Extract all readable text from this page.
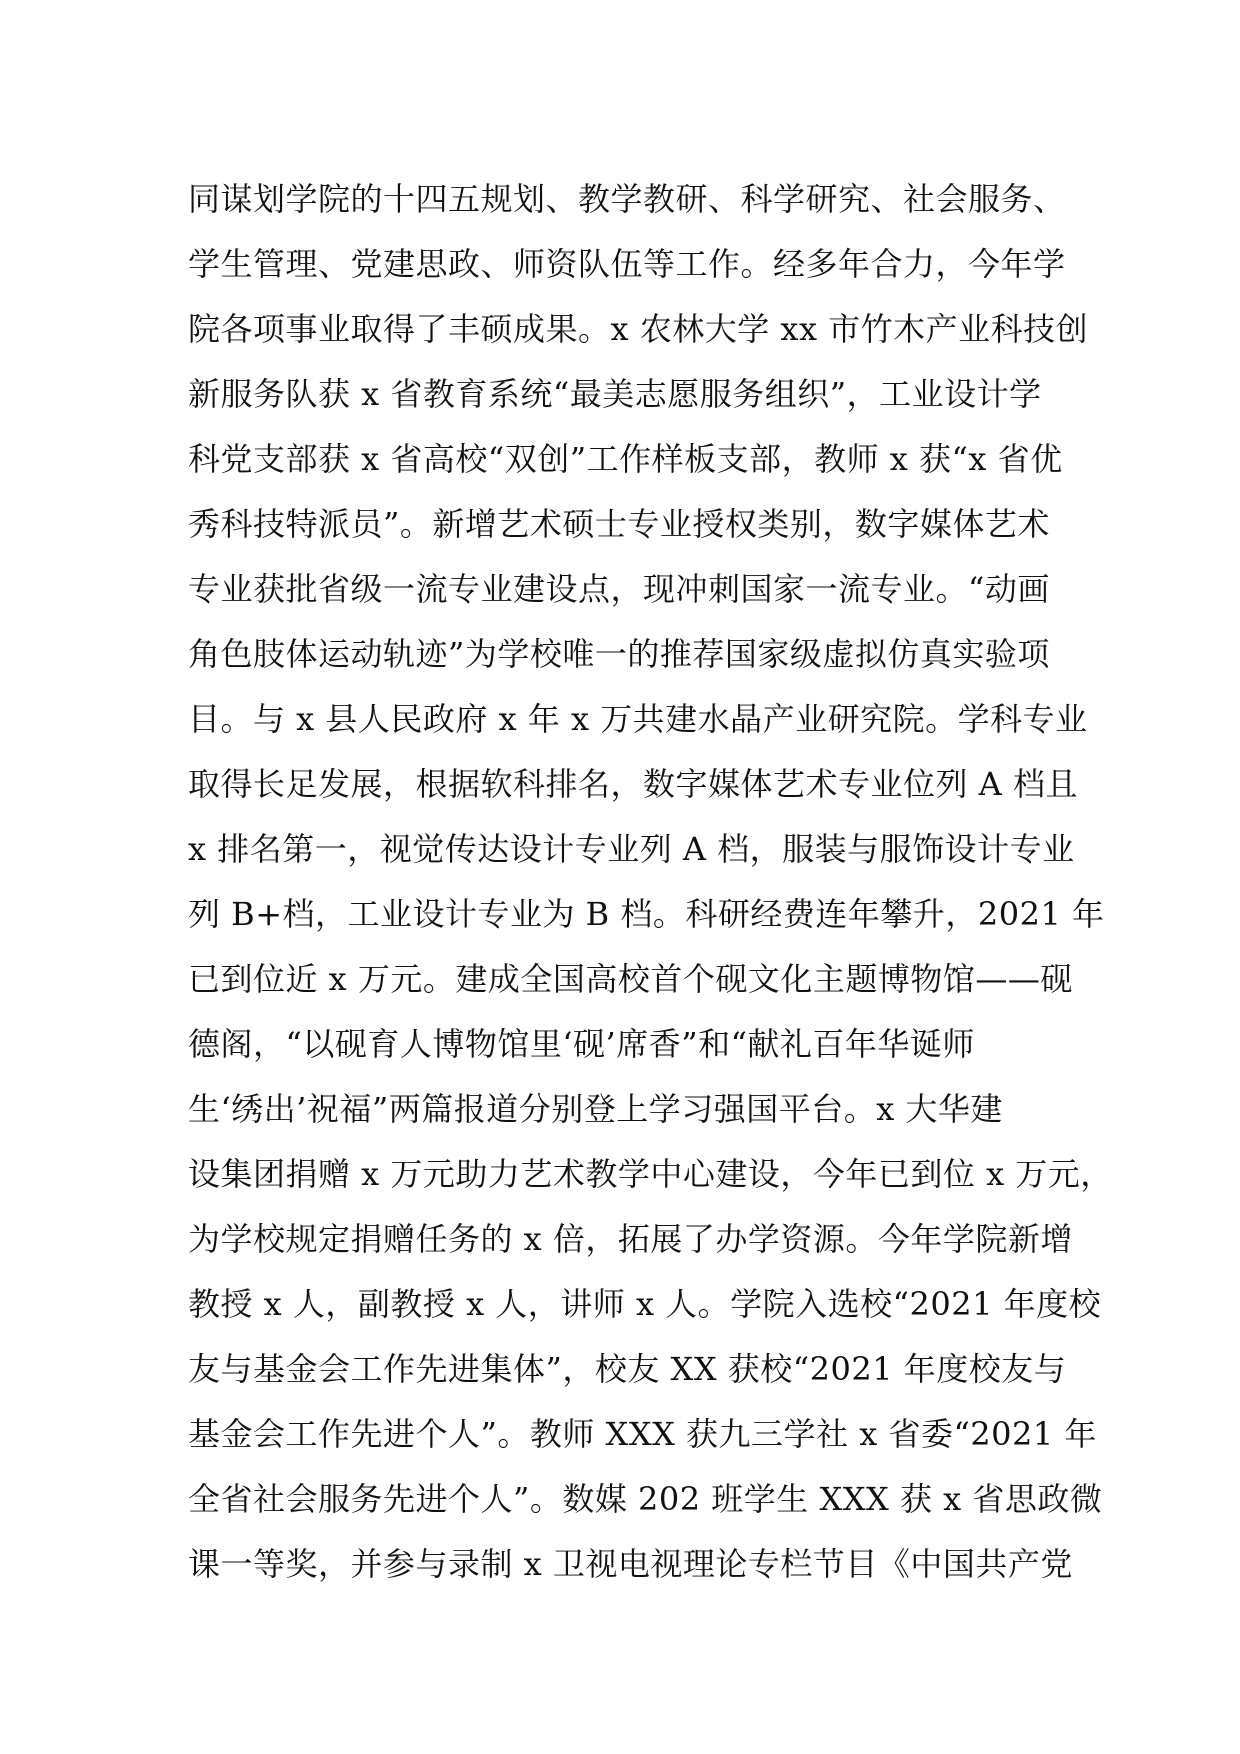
同谋划学院的十四五规划、教学教研、科学研究、社会服务、
学生管理、党建思政、师资队伍等工作。经多年合力，今年学
院各项事业取得了丰硕成果。x 农林大学 xx 市竹木产业科技创
新服务队获 x 省教育系统“最美志愿服务组织”，工业设计学
科党支部获 x 省高校“双创”工作样板支部，教师 x 获“x 省优
秀科技特派员”。新增艺术硕士专业授权类别，数字媒体艺术
专业获批省级一流专业建设点，现冲刺国家一流专业。“动画
角色肢体运动轨迹”为学校唯一的推荐国家级虚拟仿真实验项
目。与 x 县人民政府 x 年 x 万共建水晶产业研究院。学科专业
取得长足发展，根据软科排名，数字媒体艺术专业位列 A 档且
x 排名第一，视觉传达设计专业列 A 档，服装与服饰设计专业
列 B+档，工业设计专业为 B 档。科研经费连年攀升，2021 年
已到位近 x 万元。建成全国高校首个砚文化主题博物馆——砚
德阁，“以砚育人博物馆里‘砚’席香”和“献礼百年华诞师
生‘绣出’祝福”两篇报道分别登上学习强国平台。x 大华建
设集团捐赠 x 万元助力艺术教学中心建设，今年已到位 x 万元，
为学校规定捐赠任务的 x 倍，拓展了办学资源。今年学院新增
教授 x 人，副教授 x 人，讲师 x 人。学院入选校“2021 年度校
友与基金会工作先进集体”，校友 XX 获校“2021 年度校友与
基金会工作先进个人”。教师 XXX 获九三学社 x 省委“2021 年
全省社会服务先进个人”。数媒 202 班学生 XXX 获 x 省思政微
课一等奖，并参与录制 x 卫视电视理论专栏节目《中国共产党
